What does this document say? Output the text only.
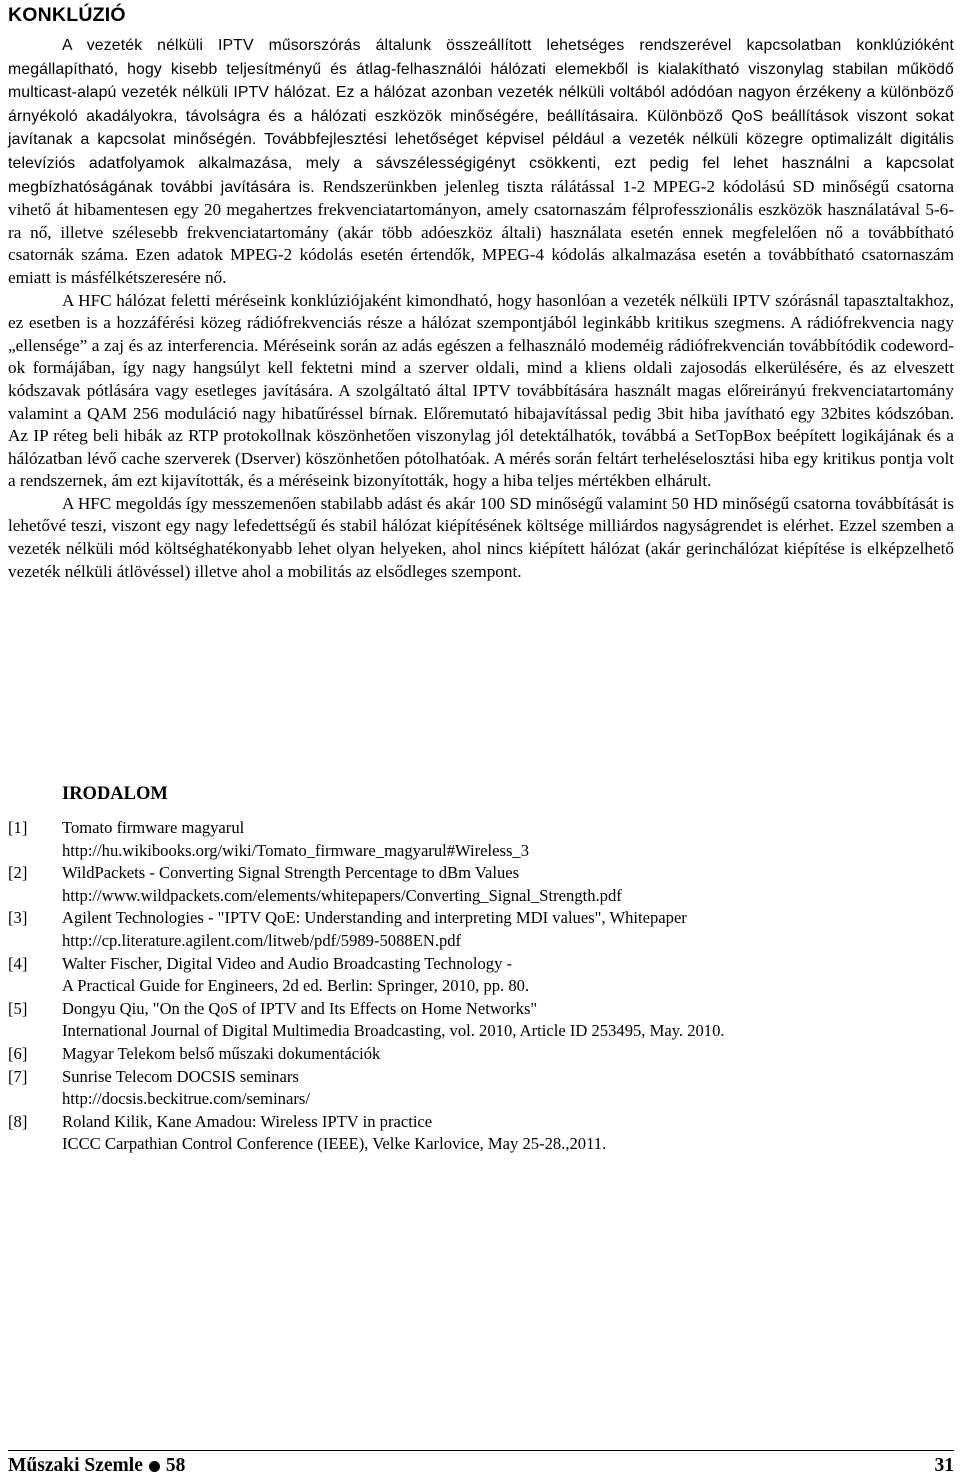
KONKLÚZIÓ

A vezeték nélküli IPTV műsorszórás általunk összeállított lehetséges rendszerével kapcsolatban konklúzióként megállapítható, hogy kisebb teljesítményű és átlag-felhasználói hálózati elemekből is kialakítható viszonylag stabilan működő multicast-alapú vezeték nélküli IPTV hálózat. Ez a hálózat azonban vezeték nélküli voltából adódóan nagyon érzékeny a különböző árnyékoló akadályokra, távolságra és a hálózati eszközök minőségére, beállításaira. Különböző QoS beállítások viszont sokat javítanak a kapcsolat minőségén. Továbbfejlesztési lehetőséget képvisel például a vezeték nélküli közegre optimalizált digitális televíziós adatfolyamok alkalmazása, mely a sávszélességigényt csökkenti, ezt pedig fel lehet használni a kapcsolat megbízhatóságának további javítására is. Rendszerünkben jelenleg tiszta rálátással 1-2 MPEG-2 kódolású SD minőségű csatorna vihető át hibamentesen egy 20 megahertzes frekvenciatartományon, amely csatornaszám félprofesszionális eszközök használatával 5-6-ra nő, illetve szélesebb frekvenciatartomány (akár több adóeszköz általi) használata esetén ennek megfelelően nő a továbbítható csatornák száma. Ezen adatok MPEG-2 kódolás esetén értendők, MPEG-4 kódolás alkalmazása esetén a továbbítható csatornaszám emiatt is másfélkétszeresére nő.

A HFC hálózat feletti méréseink konklúziójaként kimondható, hogy hasonlóan a vezeték nélküli IPTV szórásnál tapasztaltakhoz, ez esetben is a hozzáférési közeg rádiófrekvenciás része a hálózat szempontjából leginkább kritikus szegmens. A rádiófrekvencia nagy „ellensége” a zaj és az interferencia. Méréseink során az adás egészen a felhasználó modeméig rádiófrekvencián továbbítódik codeword-ok formájában, így nagy hangsúlyt kell fektetni mind a szerver oldali, mind a kliens oldali zajosodás elkerülésére, és az elveszett kódszavak pótlására vagy esetleges javítására. A szolgáltató által IPTV továbbítására használt magas előreirányú frekvenciatartomány valamint a QAM 256 moduláció nagy hibatűréssel bírnak. Előremutató hibajavítással pedig 3bit hiba javítható egy 32bites kódszóban. Az IP réteg beli hibák az RTP protokollnak köszönhetően viszonylag jól detektálhatók, továbbá a SetTopBox beépített logikájának és a hálózatban lévő cache szerverek (Dserver) köszönhetően pótolhatóak. A mérés során feltárt terheléselosztási hiba egy kritikus pontja volt a rendszernek, ám ezt kijavították, és a méréseink bizonyították, hogy a hiba teljes mértékben elhárult.

A HFC megoldás így messzemenően stabilabb adást és akár 100 SD minőségű valamint 50 HD minőségű csatorna továbbítását is lehetővé teszi, viszont egy nagy lefedettségű és stabil hálózat kiépítésének költsége milliárdos nagyságrendet is elérhet. Ezzel szemben a vezeték nélküli mód költséghatékonyabb lehet olyan helyeken, ahol nincs kiépített hálózat (akár gerinchálózat kiépítése is elképzelhető vezeték nélküli átlövéssel) illetve ahol a mobilitás az elsődleges szempont.

IRODALOM
[1]	Tomato firmware magyarul
http://hu.wikibooks.org/wiki/Tomato_firmware_magyarul#Wireless_3
[2]	WildPackets - Converting Signal Strength Percentage to dBm Values
http://www.wildpackets.com/elements/whitepapers/Converting_Signal_Strength.pdf
[3]	Agilent Technologies - "IPTV QoE: Understanding and interpreting MDI values", Whitepaper
http://cp.literature.agilent.com/litweb/pdf/5989-5088EN.pdf
[4]	Walter Fischer, Digital Video and Audio Broadcasting Technology -
A Practical Guide for Engineers, 2d ed. Berlin: Springer, 2010, pp. 80.
[5]	Dongyu Qiu, "On the QoS of IPTV and Its Effects on Home Networks"
International Journal of Digital Multimedia Broadcasting, vol. 2010, Article ID 253495, May. 2010.
[6]	Magyar Telekom belső műszaki dokumentációk
[7]	Sunrise Telecom DOCSIS seminars
http://docsis.beckitrue.com/seminars/
[8]	Roland Kilik, Kane Amadou: Wireless IPTV in practice
ICCC Carpathian Control Conference (IEEE), Velke Karlovice, May 25-28.,2011.
Műszaki Szemle 58	31
